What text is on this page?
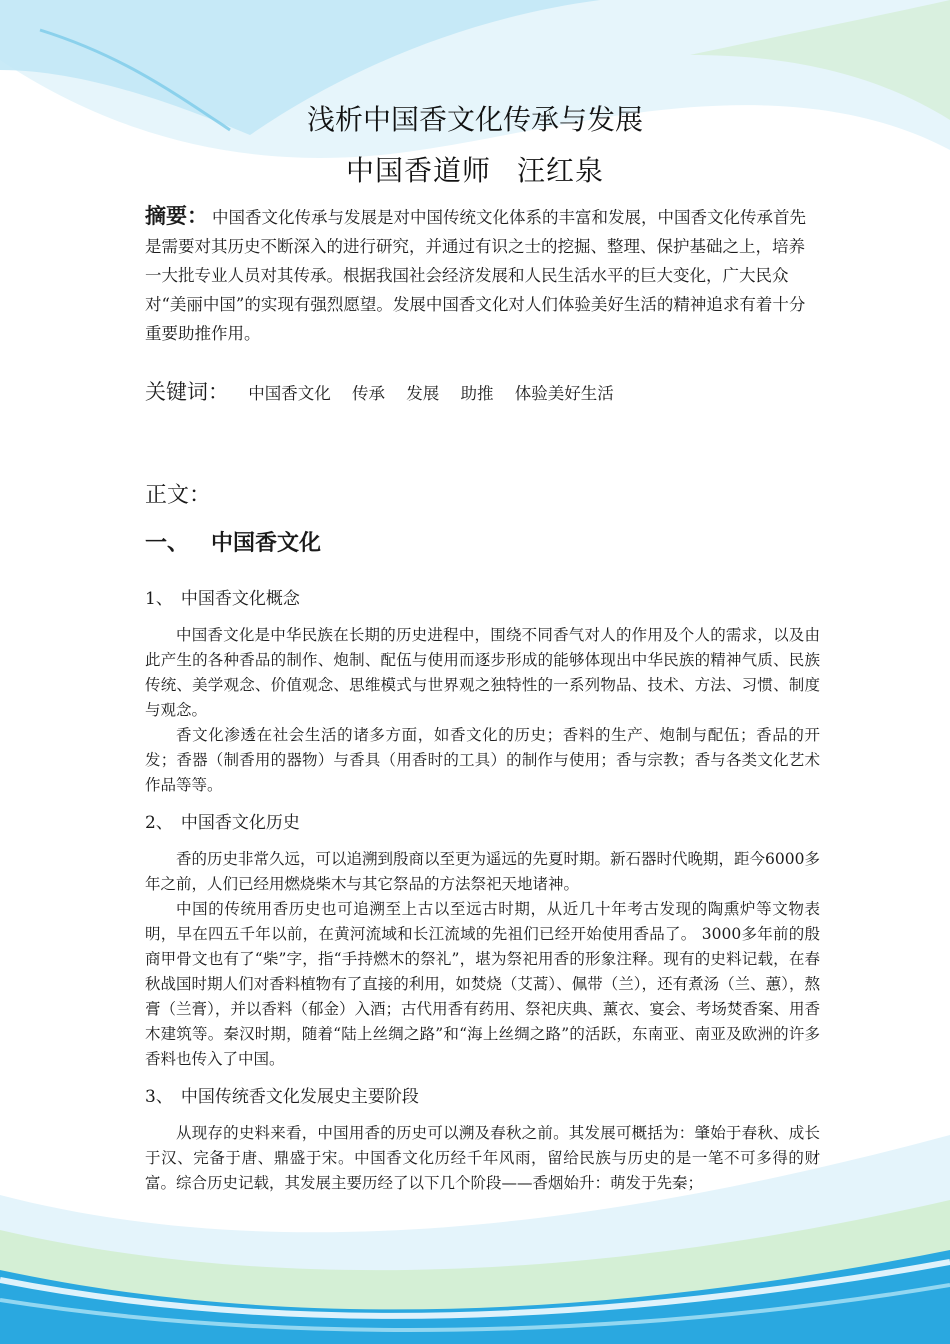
浅析中国香文化传承与发展
中国香道师 汪红泉
摘要： 中国香文化传承与发展是对中国传统文化体系的丰富和发展，中国香文化传承首先是需要对其历史不断深入的进行研究，并通过有识之士的挖掘、整理、保护基础之上，培养一大批专业人员对其传承。根据我国社会经济发展和人民生活水平的巨大变化，广大民众对“美丽中国”的实现有强烈愿望。发展中国香文化对人们体验美好生活的精神追求有着十分重要助推作用。
关键词： 中国香文化 传承 发展 助推 体验美好生活
正文：
一、 中国香文化
1、 中国香文化概念
中国香文化是中华民族在长期的历史进程中，围绕不同香气对人的作用及个人的需求，以及由此产生的各种香品的制作、炮制、配伍与使用而逐步形成的能够体现出中华民族的精神气质、民族传统、美学观念、价值观念、思维模式与世界观之独特性的一系列物品、技术、方法、习惯、制度与观念。
香文化渗透在社会生活的诸多方面，如香文化的历史；香料的生产、炮制与配伍；香品的开发；香器（制香用的器物）与香具（用香时的工具）的制作与使用；香与宗教；香与各类文化艺术作品等等。
2、 中国香文化历史
香的历史非常久远，可以追溯到殷商以至更为遥远的先夏时期。新石器时代晚期，距今6000多年之前，人们已经用燃烧柴木与其它祭品的方法祭祀天地诸神。
中国的传统用香历史也可追溯至上古以至远古时期，从近几十年考古发现的陶熏炉等文物表明，早在四五千年以前，在黄河流域和长江流域的先祖们已经开始使用香品了。 3000多年前的殷商甲骨文也有了“柴”字，指“手持燃木的祭礼”，堪为祭祀用香的形象注释。现有的史料记载，在春秋战国时期人们对香料植物有了直接的利用，如焚烧（艾蒿）、佩带（兰），还有煮汤（兰、蕙），熬膏（兰膏），并以香料（郁金）入酒；古代用香有药用、祭祀庆典、薰衣、宴会、考场焚香案、用香木建筑等。秦汉时期，随着“陆上丝绸之路”和“海上丝绸之路”的活跃，东南亚、南亚及欧洲的许多香料也传入了中国。
3、 中国传统香文化发展史主要阶段
从现存的史料来看，中国用香的历史可以溯及春秋之前。其发展可概括为：肇始于春秋、成长于汉、完备于唐、鼎盛于宋。中国香文化历经千年风雨，留给民族与历史的是一笔不可多得的财富。综合历史记载，其发展主要历经了以下几个阶段——香烟始升：萌发于先秦；
